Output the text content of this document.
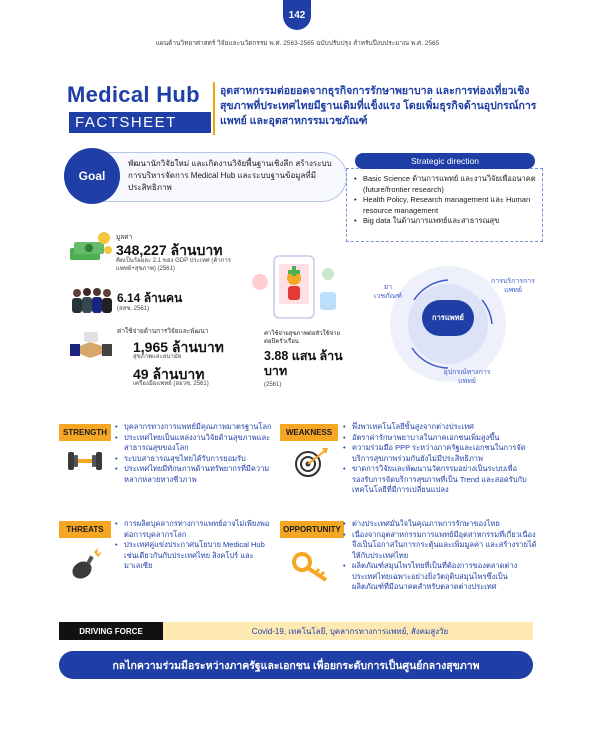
142
แผนด้านวิทยาศาสตร์ วิจัยและนวัตกรรม พ.ศ. 2563-2565 ฉบับปรับปรุง สำหรับปีงบประมาณ พ.ศ. 2565
Medical Hub
FACTSHEET
อุตสาหกรรมต่อยอดจากธุรกิจการรักษาพยาบาล และการท่องเที่ยวเชิงสุขภาพที่ประเทศไทยมีฐานเดิมที่แข็งแรง โดยเพิ่มธุรกิจด้านอุปกรณ์การแพทย์ และอุตสาหกรรมเวชภัณฑ์
Goal
พัฒนานักวิจัยใหม่ และเกิดงานวิจัยพื้นฐานเชิงลึก สร้างระบบการบริหารจัดการ Medical Hub และระบบฐานข้อมูลที่มีประสิทธิภาพ
Strategic direction
• Basic Science ด้านการแพทย์ และงานวิจัยเพื่ออนาคต (future/frontier research)
• Health Policy, Research management และ Human resource management
• Big data ในด้านการแพทย์และสาธารณสุข
มูลค่า
348,227 ล้านบาท
คิดเป็นร้อยละ 2.1 ของ GDP ประเทศ (ค้าการแพทย์+สุขภาพ) (2561)
6.14 ล้านคน
(สสช, 2561)
ค่าใช้จ่ายด้านการวิจัยและพัฒนา
1,965 ล้านบาท
สุขภาพและอนามัย
49 ล้านบาท
เครื่องมือแพทย์ (สอวช, 2561)
ค่าใช้จ่ายสุขภาพต่อหัวใช้จ่ายต่อปีครัวเรือน
3.88 แสน ล้านบาท
(2561)
การแพทย์
ยาเวชภัณฑ์
การบริการการแพทย์
อุปกรณ์ทางการแพทย์
STRENGTH
• บุคลากรทางการแพทย์มีคุณภาพมาตรฐานโลก
• ประเทศไทยเป็นแหล่งงานวิจัยด้านสุขภาพและสาธารณสุขของโลก
• ระบบสาธารณสุขไทยได้รับการยอมรับ
• ประเทศไทยมีทักษภาพด้านทรัพยากรที่มีความหลากหลายทางชีวภาพ
WEAKNESS
• พึ่งพาเทคโนโลยีขั้นสูงจากต่างประเทศ
• อัตราค่ารักษาพยาบาลในภาคเอกชนเพิ่มสูงขึ้น
• ความร่วมมือ PPP ระหว่างภาครัฐและเอกชนในการจัดบริการสุขภาพร่วมกันยังไม่มีประสิทธิภาพ
• ขาดการวิจัยและพัฒนานวัตกรรมอย่างเป็นระบบเพื่อรองรับการจัดบริการสุขภาพที่เป็น Trend และสอดรับกับเทคโนโลยีที่มีการเปลี่ยนแปลง
THREATS
• การผลิตบุคลากรทางการแพทย์อาจไม่เพียงพอต่อการบุคลากรโลก
• ประเทศคู่แข่งประกาศนโยบาย Medical Hub เช่นเดียวกันกับประเทศไทย สิงคโปร์ และมาเลเซีย
OPPORTUNITY
• ต่างประเทศมั่นใจในคุณภาพการรักษาของไทย
• เนื่องจากอุตสาหกรรมการแพทย์มีอุตสาหกรรมที่เกี่ยวเนื่อง จึงเป็นโอกาสในการกระตุ้นและเพิ่มมูลค่า และสร้างรายได้ให้กับประเทศไทย
• ผลิตภัณฑ์สมุนไพรไทยที่เป็นที่ต้องการของตลาดต่างประเทศไทยเฉพาะอย่างยิ่งวัตถุดิบสมุนไพรซึ่งเป็นผลิตภัณฑ์ที่มีอนาคตสำหรับตลาดต่างประเทศ
DRIVING FORCE	Covid-19, เทคโนโลยี, บุคลากรทางการแพทย์, สังคมสูงวัย
กลไกความร่วมมือระหว่างภาครัฐและเอกชน เพื่อยกระดับการเป็นศูนย์กลางสุขภาพ
